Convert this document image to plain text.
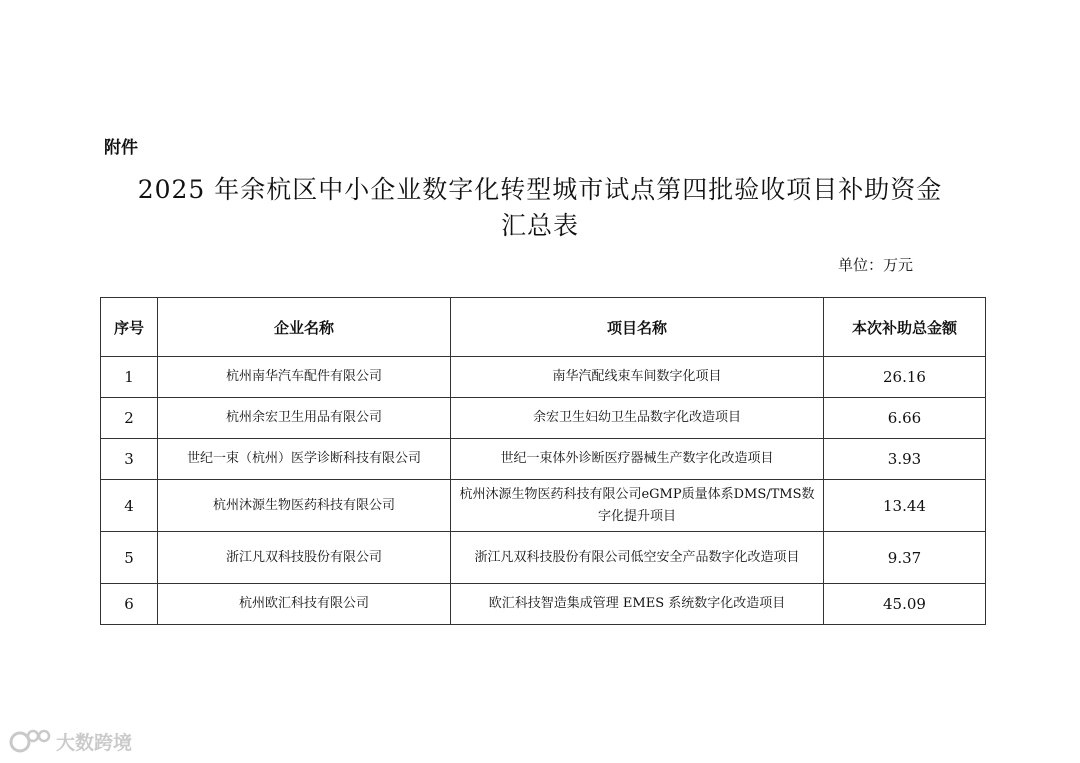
附件
2025 年余杭区中小企业数字化转型城市试点第四批验收项目补助资金
汇总表
单位：万元
序号	企业名称	项目名称	本次补助总金额
1	杭州南华汽车配件有限公司	南华汽配线束车间数字化项目	26.16
2	杭州余宏卫生用品有限公司	余宏卫生妇幼卫生品数字化改造项目	6.66
3	世纪一束（杭州）医学诊断科技有限公司	世纪一束体外诊断医疗器械生产数字化改造项目	3.93
4	杭州沐源生物医药科技有限公司	杭州沐源生物医药科技有限公司eGMP质量体系DMS/TMS数字化提升项目	13.44
5	浙江凡双科技股份有限公司	浙江凡双科技股份有限公司低空安全产品数字化改造项目	9.37
6	杭州欧汇科技有限公司	欧汇科技智造集成管理 EMES 系统数字化改造项目	45.09
大数跨境
